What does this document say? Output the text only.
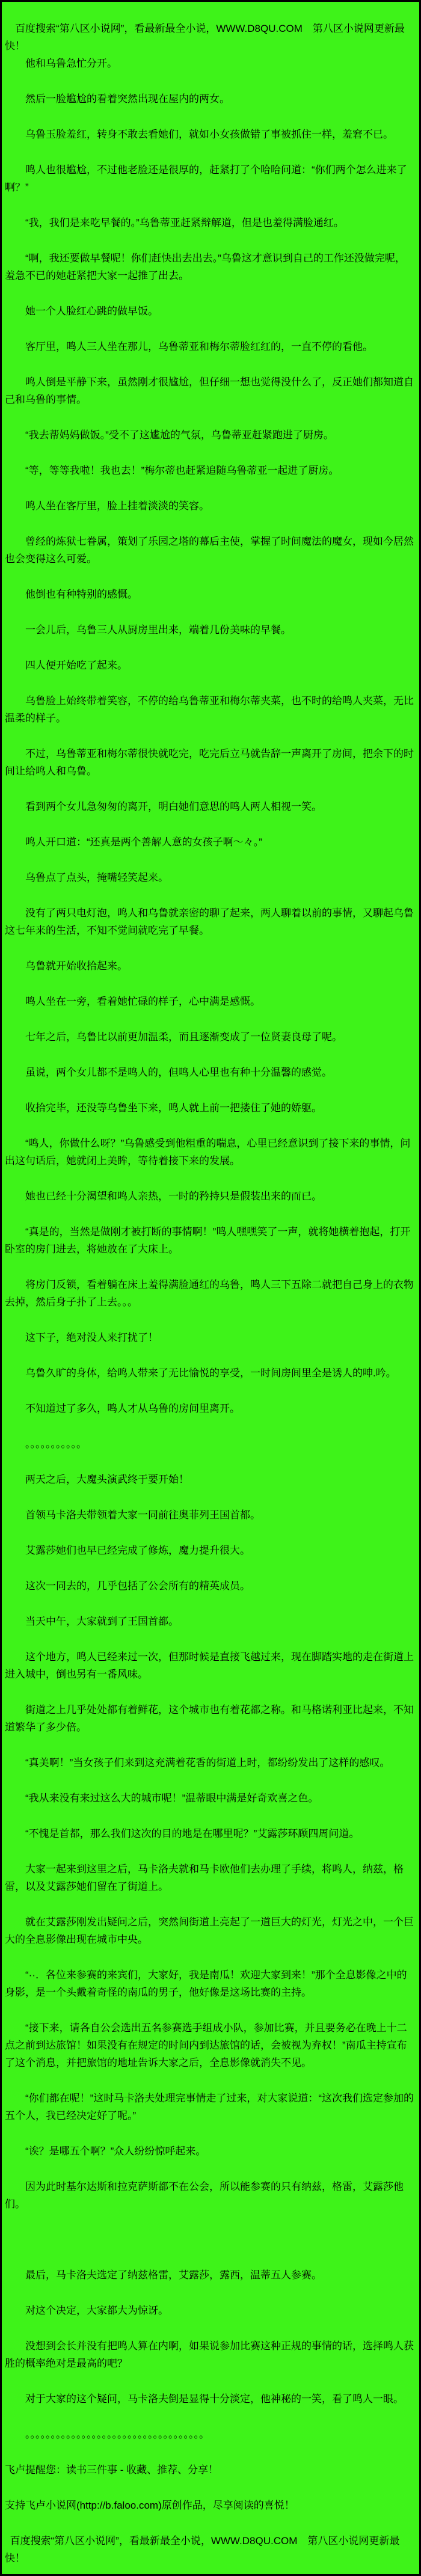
百度搜索“第八区小说网”，看最新最全小说，WWW.D8QU.COM　第八区小说网更新最快！

他和乌鲁急忙分开。

然后一脸尴尬的看着突然出现在屋内的两女。

乌鲁玉脸羞红，转身不敢去看她们，就如小女孩做错了事被抓住一样，羞窘不已。

鸣人也很尴尬，不过他老脸还是很厚的，赶紧打了个哈哈问道：“你们两个怎么进来了啊？”

“我，我们是来吃早餐的。”乌鲁蒂亚赶紧辩解道，但是也羞得满脸通红。

“啊，我还要做早餐呢！你们赶快出去出去。”乌鲁这才意识到自己的工作还没做完呢，羞急不已的她赶紧把大家一起推了出去。

她一个人脸红心跳的做早饭。

客厅里，鸣人三人坐在那儿，乌鲁蒂亚和梅尔蒂脸红红的，一直不停的看他。

鸣人倒是平静下来，虽然刚才很尴尬，但仔细一想也觉得没什么了，反正她们都知道自己和乌鲁的事情。

“我去帮妈妈做饭。”受不了这尴尬的气氛，乌鲁蒂亚赶紧跑进了厨房。

“等，等等我啦！我也去！”梅尔蒂也赶紧追随乌鲁蒂亚一起进了厨房。

鸣人坐在客厅里，脸上挂着淡淡的笑容。

曾经的炼狱七眷属，策划了乐园之塔的幕后主使，掌握了时间魔法的魔女，现如今居然也会变得这么可爱。

他倒也有种特别的感慨。

一会儿后，乌鲁三人从厨房里出来，端着几份美味的早餐。

四人便开始吃了起来。

乌鲁脸上始终带着笑容，不停的给乌鲁蒂亚和梅尔蒂夹菜，也不时的给鸣人夹菜，无比温柔的样子。

不过，乌鲁蒂亚和梅尔蒂很快就吃完，吃完后立马就告辞一声离开了房间，把余下的时间让给鸣人和乌鲁。

看到两个女儿急匆匆的离开，明白她们意思的鸣人两人相视一笑。

鸣人开口道：“还真是两个善解人意的女孩子啊～々。”

乌鲁点了点头，掩嘴轻笑起来。

没有了两只电灯泡，鸣人和乌鲁就亲密的聊了起来，两人聊着以前的事情，又聊起乌鲁这七年来的生活，不知不觉间就吃完了早餐。

乌鲁就开始收拾起来。

鸣人坐在一旁，看着她忙碌的样子，心中满是感慨。

七年之后，乌鲁比以前更加温柔，而且逐渐变成了一位贤妻良母了呢。

虽说，两个女儿都不是鸣人的，但鸣人心里也有种十分温馨的感觉。

收拾完毕，还没等乌鲁坐下来，鸣人就上前一把搂住了她的娇躯。

“鸣人，你做什么呀？”乌鲁感受到他粗重的喘息，心里已经意识到了接下来的事情，问出这句话后，她就闭上美眸，等待着接下来的发展。

她也已经十分渴望和鸣人亲热，一时的矜持只是假装出来的而已。

“真是的，当然是做刚才被打断的事情啊！”鸣人嘿嘿笑了一声，就将她横着抱起，打开卧室的房门进去，将她放在了大床上。

将房门反锁，看着躺在床上羞得满脸通红的乌鲁，鸣人三下五除二就把自己身上的衣物去掉，然后身子扑了上去。。。

这下子，绝对没人来打扰了！

乌鲁久旷的身体，给鸣人带来了无比愉悦的享受，一时间房间里全是诱人的呻.吟。

不知道过了多久，鸣人才从乌鲁的房间里离开。

。。。。。。。。。。。

两天之后，大魔头演武终于要开始！

首领马卡洛夫带领着大家一同前往奥菲列王国首都。

艾露莎她们也早已经完成了修炼，魔力提升很大。

这次一同去的，几乎包括了公会所有的精英成员。

当天中午，大家就到了王国首都。

这个地方，鸣人已经来过一次，但那时候是直接飞越过来，现在脚踏实地的走在街道上进入城中，倒也另有一番风味。

街道之上几乎处处都有着鲜花，这个城市也有着花都之称。和马格诺利亚比起来，不知道繁华了多少倍。

“真美啊！”当女孩子们来到这充满着花香的街道上时，都纷纷发出了这样的感叹。

“我从来没有来过这么大的城市呢！”温蒂眼中满是好奇欢喜之色。

“不愧是首都，那么我们这次的目的地是在哪里呢？”艾露莎环顾四周问道。

大家一起来到这里之后，马卡洛夫就和马卡欧他们去办理了手续，将鸣人，纳兹，格雷，以及艾露莎她们留在了街道上。

就在艾露莎刚发出疑问之后，突然间街道上亮起了一道巨大的灯光，灯光之中，一个巨大的全息影像出现在城市中央。

“··．各位来参赛的来宾们，大家好，我是南瓜！欢迎大家到来！”那个全息影像之中的身影，是一个头戴着奇怪的南瓜的男子，他好像是这场比赛的主持。

“接下来，请各自公会选出五名参赛选手组成小队，参加比赛，并且要务必在晚上十二点之前到达旅馆！如果没有在规定的时间内到达旅馆的话，会被视为弃权！”南瓜主持宣布了这个消息，并把旅馆的地址告诉大家之后，全息影像就消失不见。

“你们都在呢！”这时马卡洛夫处理完事情走了过来，对大家说道：“这次我们选定参加的五个人，我已经决定好了呢。”

“诶？是哪五个啊？”众人纷纷惊呼起来。

因为此时基尔达斯和拉克萨斯都不在公会，所以能参赛的只有纳兹，格雷，艾露莎他们。

最后，马卡洛夫选定了纳兹格雷，艾露莎，露西，温蒂五人参赛。

对这个决定，大家都大为惊讶。

没想到会长并没有把鸣人算在内啊，如果说参加比赛这种正规的事情的话，选择鸣人获胜的概率绝对是最高的吧？

对于大家的这个疑问，马卡洛夫倒是显得十分淡定，他神秘的一笑，看了鸣人一眼。

。。。。。。。。。。。。。。。。。。。。。。。。。。。。。。。。。。。

飞卢提醒您：读书三件事 - 收藏、推荐、分享！

支持飞卢小说网(http://b.faloo.com)原创作品，尽享阅读的喜悦！

百度搜索“第八区小说网”，看最新最全小说，WWW.D8QU.COM　第八区小说网更新最快！
